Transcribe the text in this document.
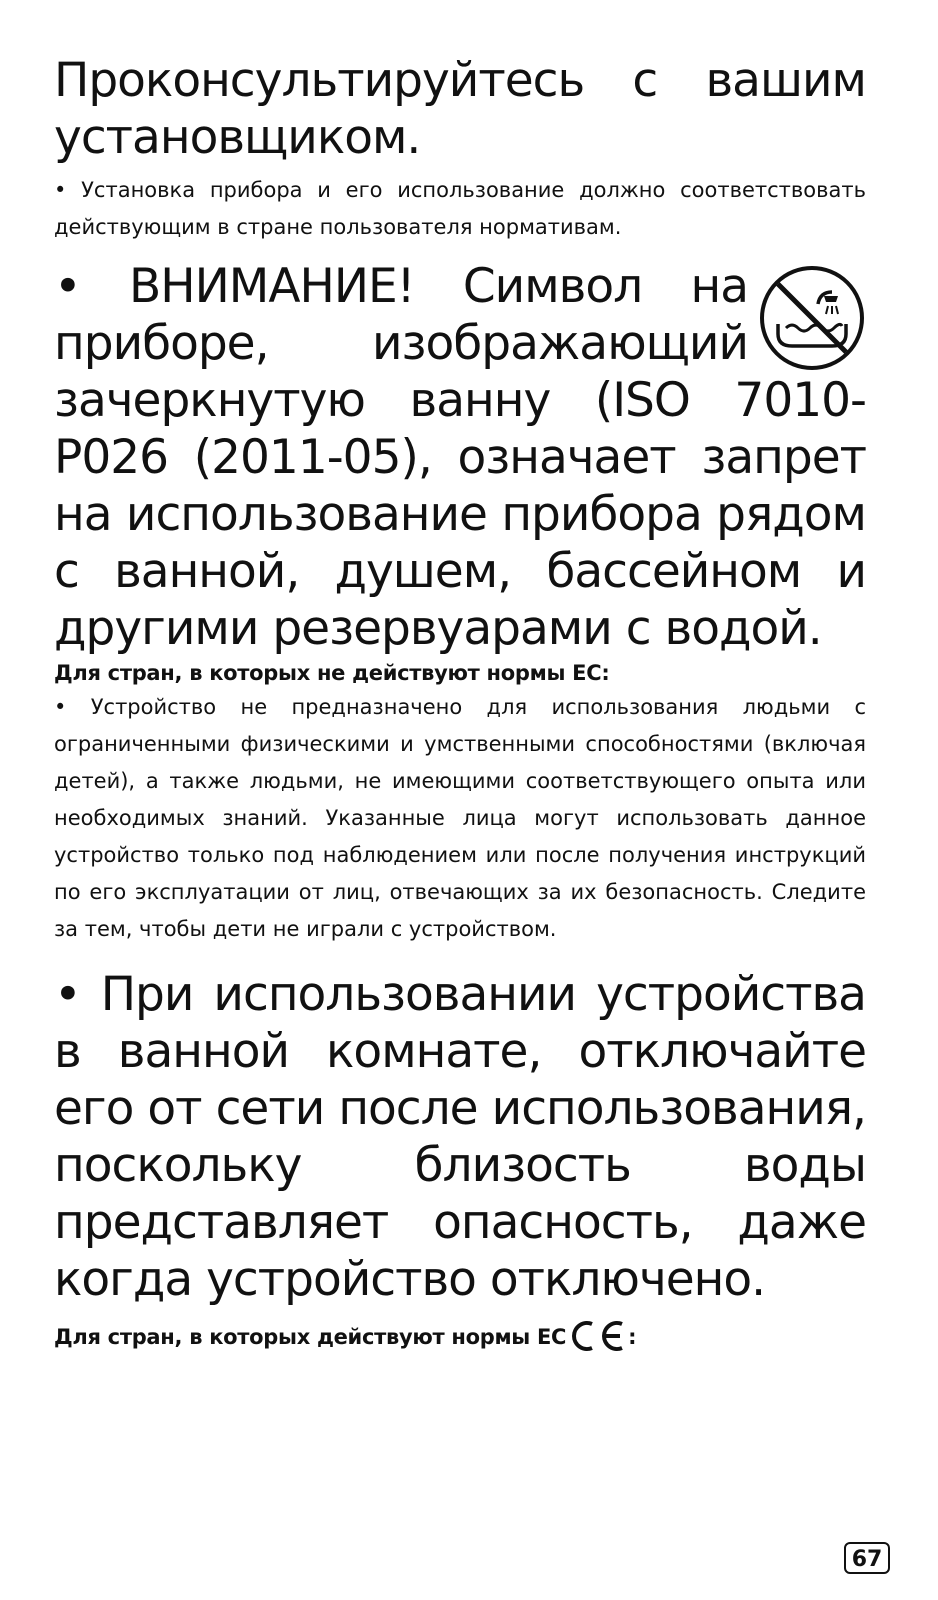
Проконсультируйтесь с вашим установщиком.

• Установка прибора и его использование должно соответствовать действующим в стране пользователя нормативам.

• ВНИМАНИЕ! Символ на приборе, изображающий зачеркнутую ванну (ISO 7010-P026 (2011-05), означает запрет на использование прибора рядом с ванной, душем, бассейном и другими резервуарами с водой.

Для стран, в которых не действуют нормы ЕС:

• Устройство не предназначено для использования людьми с ограниченными физическими и умственными способностями (включая детей), а также людьми, не имеющими соответствующего опыта или необходимых знаний. Указанные лица могут использовать данное устройство только под наблюдением или после получения инструкций по его эксплуатации от лиц, отвечающих за их безопасность. Следите за тем, чтобы дети не играли с устройством.

• При использовании устройства в ванной комнате, отключайте его от сети после использования, поскольку близость воды представляет опасность, даже когда устройство отключено.

Для стран, в которых действуют нормы ЕС	:

67
